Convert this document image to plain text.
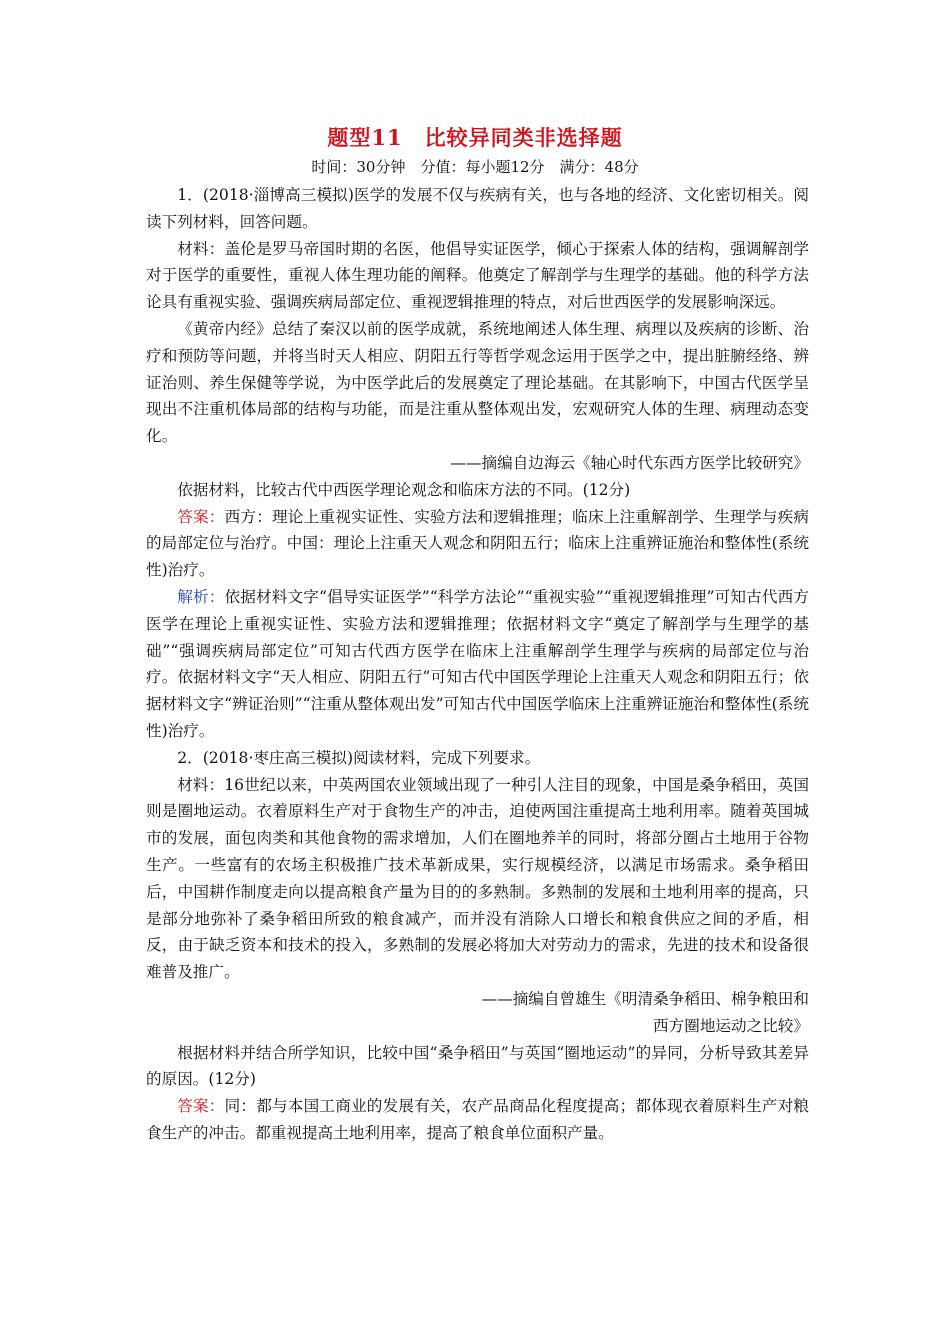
题型11　比较异同类非选择题
时间：30分钟　分值：每小题12分　满分：48分

1．(2018·淄博高三模拟)医学的发展不仅与疾病有关，也与各地的经济、文化密切相关。阅读下列材料，回答问题。

材料：盖伦是罗马帝国时期的名医，他倡导实证医学，倾心于探索人体的结构，强调解剖学对于医学的重要性，重视人体生理功能的阐释。他奠定了解剖学与生理学的基础。他的科学方法论具有重视实验、强调疾病局部定位、重视逻辑推理的特点，对后世西医学的发展影响深远。

《黄帝内经》总结了秦汉以前的医学成就，系统地阐述人体生理、病理以及疾病的诊断、治疗和预防等问题，并将当时天人相应、阴阳五行等哲学观念运用于医学之中，提出脏腑经络、辨证治则、养生保健等学说，为中医学此后的发展奠定了理论基础。在其影响下，中国古代医学呈现出不注重机体局部的结构与功能，而是注重从整体观出发，宏观研究人体的生理、病理动态变化。

——摘编自边海云《轴心时代东西方医学比较研究》

依据材料，比较古代中西医学理论观念和临床方法的不同。(12分)

答案：西方：理论上重视实证性、实验方法和逻辑推理；临床上注重解剖学、生理学与疾病的局部定位与治疗。中国：理论上注重天人观念和阴阳五行；临床上注重辨证施治和整体性(系统性)治疗。

解析：依据材料文字“倡导实证医学”“科学方法论”“重视实验”“重视逻辑推理”可知古代西方医学在理论上重视实证性、实验方法和逻辑推理；依据材料文字“奠定了解剖学与生理学的基础”“强调疾病局部定位”可知古代西方医学在临床上注重解剖学生理学与疾病的局部定位与治疗。依据材料文字“天人相应、阴阳五行”可知古代中国医学理论上注重天人观念和阴阳五行；依据材料文字“辨证治则”“注重从整体观出发”可知古代中国医学临床上注重辨证施治和整体性(系统性)治疗。

2．(2018·枣庄高三模拟)阅读材料，完成下列要求。

材料：16世纪以来，中英两国农业领域出现了一种引人注目的现象，中国是桑争稻田，英国则是圈地运动。衣着原料生产对于食物生产的冲击，迫使两国注重提高土地利用率。随着英国城市的发展，面包肉类和其他食物的需求增加，人们在圈地养羊的同时，将部分圈占土地用于谷物生产。一些富有的农场主积极推广技术革新成果，实行规模经济，以满足市场需求。桑争稻田后，中国耕作制度走向以提高粮食产量为目的的多熟制。多熟制的发展和土地利用率的提高，只是部分地弥补了桑争稻田所致的粮食减产，而并没有消除人口增长和粮食供应之间的矛盾，相反，由于缺乏资本和技术的投入，多熟制的发展必将加大对劳动力的需求，先进的技术和设备很难普及推广。

——摘编自曾雄生《明清桑争稻田、棉争粮田和

西方圈地运动之比较》

根据材料并结合所学知识，比较中国“桑争稻田”与英国“圈地运动”的异同，分析导致其差异的原因。(12分)

答案：同：都与本国工商业的发展有关，农产品商品化程度提高；都体现衣着原料生产对粮食生产的冲击。都重视提高土地利用率，提高了粮食单位面积产量。
